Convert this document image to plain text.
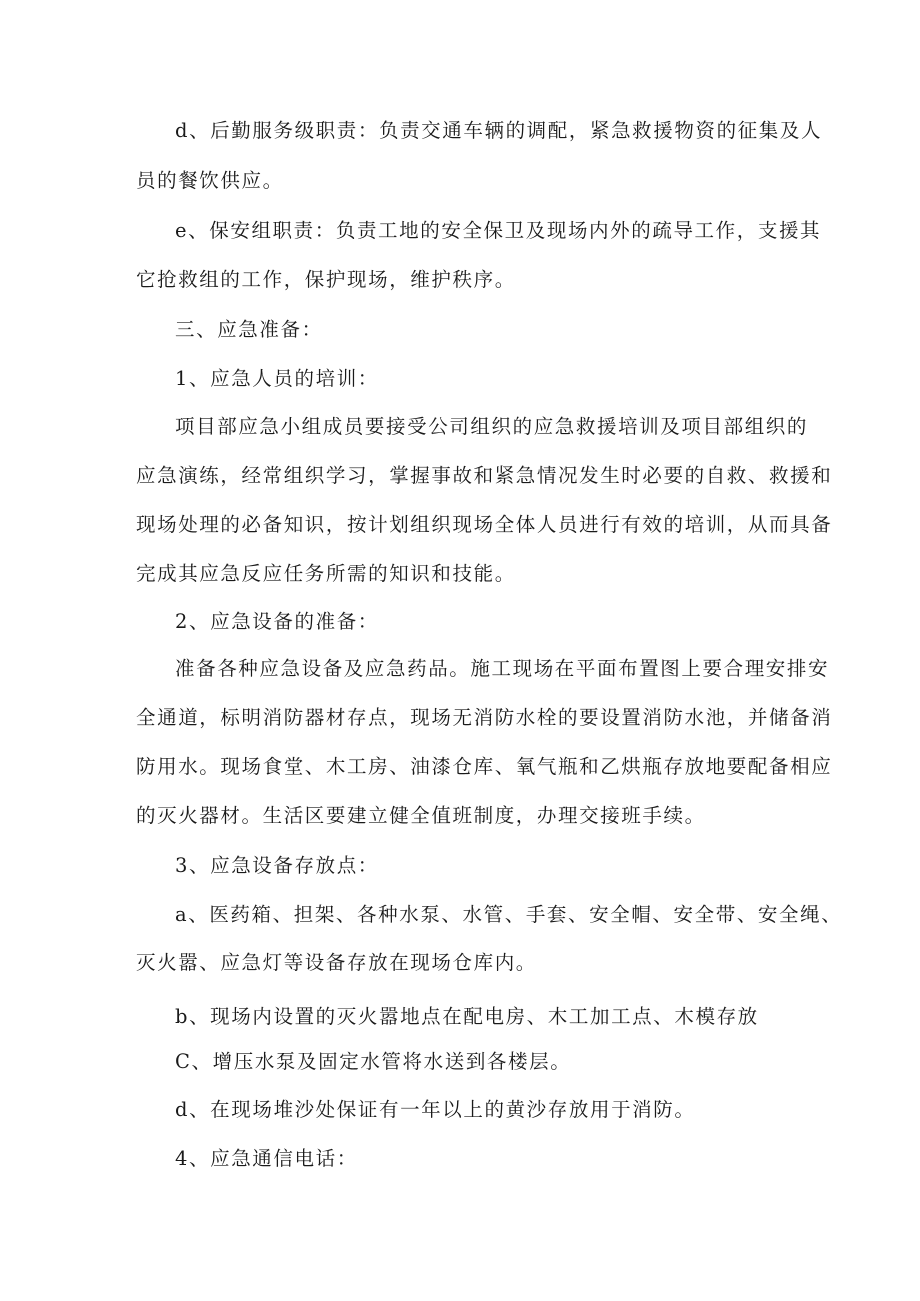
d、后勤服务级职责：负责交通车辆的调配，紧急救援物资的征集及人
员的餐饮供应。
e、保安组职责：负责工地的安全保卫及现场内外的疏导工作，支援其
它抢救组的工作，保护现场，维护秩序。
三、应急准备：
1、应急人员的培训：
项目部应急小组成员要接受公司组织的应急救援培训及项目部组织的
应急演练，经常组织学习，掌握事故和紧急情况发生时必要的自救、救援和
现场处理的必备知识，按计划组织现场全体人员进行有效的培训，从而具备
完成其应急反应任务所需的知识和技能。
2、应急设备的准备：
准备各种应急设备及应急药品。施工现场在平面布置图上要合理安排安
全通道，标明消防器材存点，现场无消防水栓的要设置消防水池，并储备消
防用水。现场食堂、木工房、油漆仓库、氧气瓶和乙烘瓶存放地要配备相应
的灭火器材。生活区要建立健全值班制度，办理交接班手续。
3、应急设备存放点：
a、医药箱、担架、各种水泵、水管、手套、安全帽、安全带、安全绳、
灭火嚣、应急灯等设备存放在现场仓库内。
b、现场内设置的灭火嚣地点在配电房、木工加工点、木模存放
C、增压水泵及固定水管将水送到各楼层。
d、在现场堆沙处保证有一年以上的黄沙存放用于消防。
4、应急通信电话：
